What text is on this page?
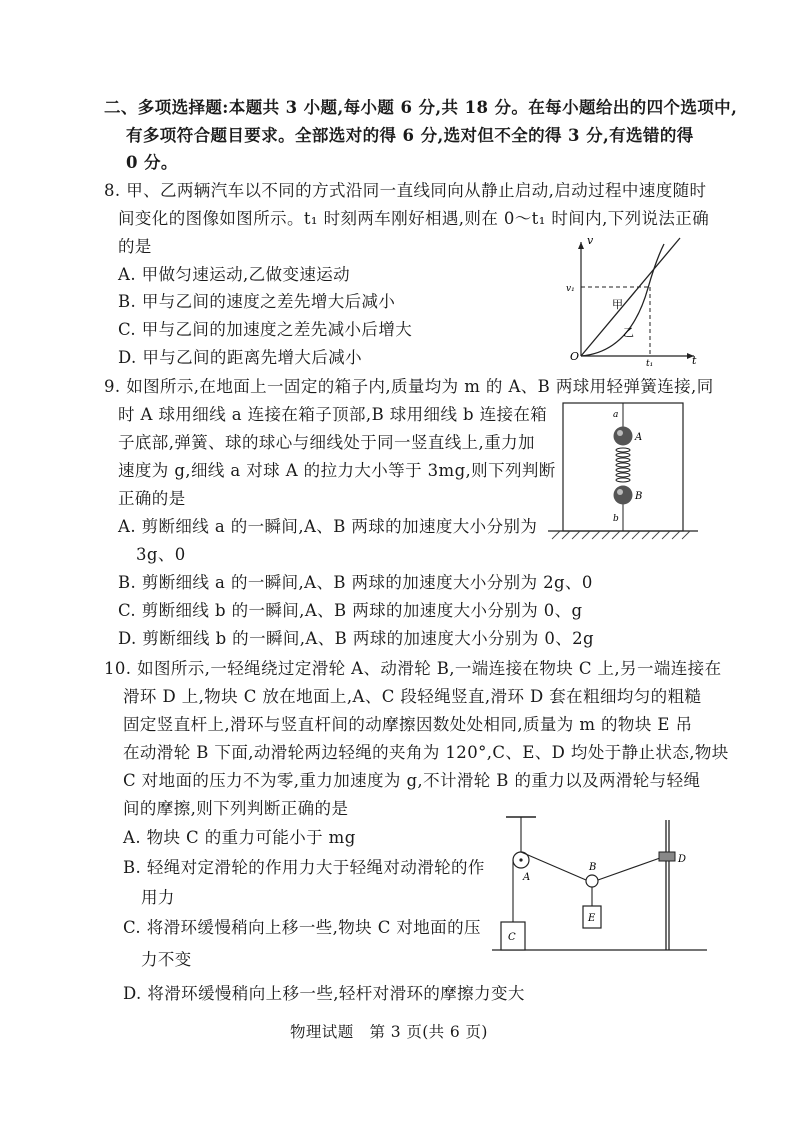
二、多项选择题:本题共 3 小题,每小题 6 分,共 18 分。在每小题给出的四个选项中,
有多项符合题目要求。全部选对的得 6 分,选对但不全的得 3 分,有选错的得
0 分。
8. 甲、乙两辆汽车以不同的方式沿同一直线同向从静止启动,启动过程中速度随时
间变化的图像如图所示。t₁ 时刻两车刚好相遇,则在 0～t₁ 时间内,下列说法正确
的是
A. 甲做匀速运动,乙做变速运动
B. 甲与乙间的速度之差先增大后减小
C. 甲与乙间的加速度之差先减小后增大
D. 甲与乙间的距离先增大后减小
v
t
O
v₁
t₁
甲
乙
9. 如图所示,在地面上一固定的箱子内,质量均为 m 的 A、B 两球用轻弹簧连接,同
时 A 球用细线 a 连接在箱子顶部,B 球用细线 b 连接在箱
子底部,弹簧、球的球心与细线处于同一竖直线上,重力加
速度为 g,细线 a 对球 A 的拉力大小等于 3mg,则下列判断
正确的是
A. 剪断细线 a 的一瞬间,A、B 两球的加速度大小分别为
3g、0
B. 剪断细线 a 的一瞬间,A、B 两球的加速度大小分别为 2g、0
C. 剪断细线 b 的一瞬间,A、B 两球的加速度大小分别为 0、g
D. 剪断细线 b 的一瞬间,A、B 两球的加速度大小分别为 0、2g
a
b
A
B
10. 如图所示,一轻绳绕过定滑轮 A、动滑轮 B,一端连接在物块 C 上,另一端连接在
滑环 D 上,物块 C 放在地面上,A、C 段轻绳竖直,滑环 D 套在粗细均匀的粗糙
固定竖直杆上,滑环与竖直杆间的动摩擦因数处处相同,质量为 m 的物块 E 吊
在动滑轮 B 下面,动滑轮两边轻绳的夹角为 120°,C、E、D 均处于静止状态,物块
C 对地面的压力不为零,重力加速度为 g,不计滑轮 B 的重力以及两滑轮与轻绳
间的摩擦,则下列判断正确的是
A. 物块 C 的重力可能小于 mg
B. 轻绳对定滑轮的作用力大于轻绳对动滑轮的作
用力
C. 将滑环缓慢稍向上移一些,物块 C 对地面的压
力不变
D. 将滑环缓慢稍向上移一些,轻杆对滑环的摩擦力变大
A
B
C
D
E
物理试题　第 3 页(共 6 页)
